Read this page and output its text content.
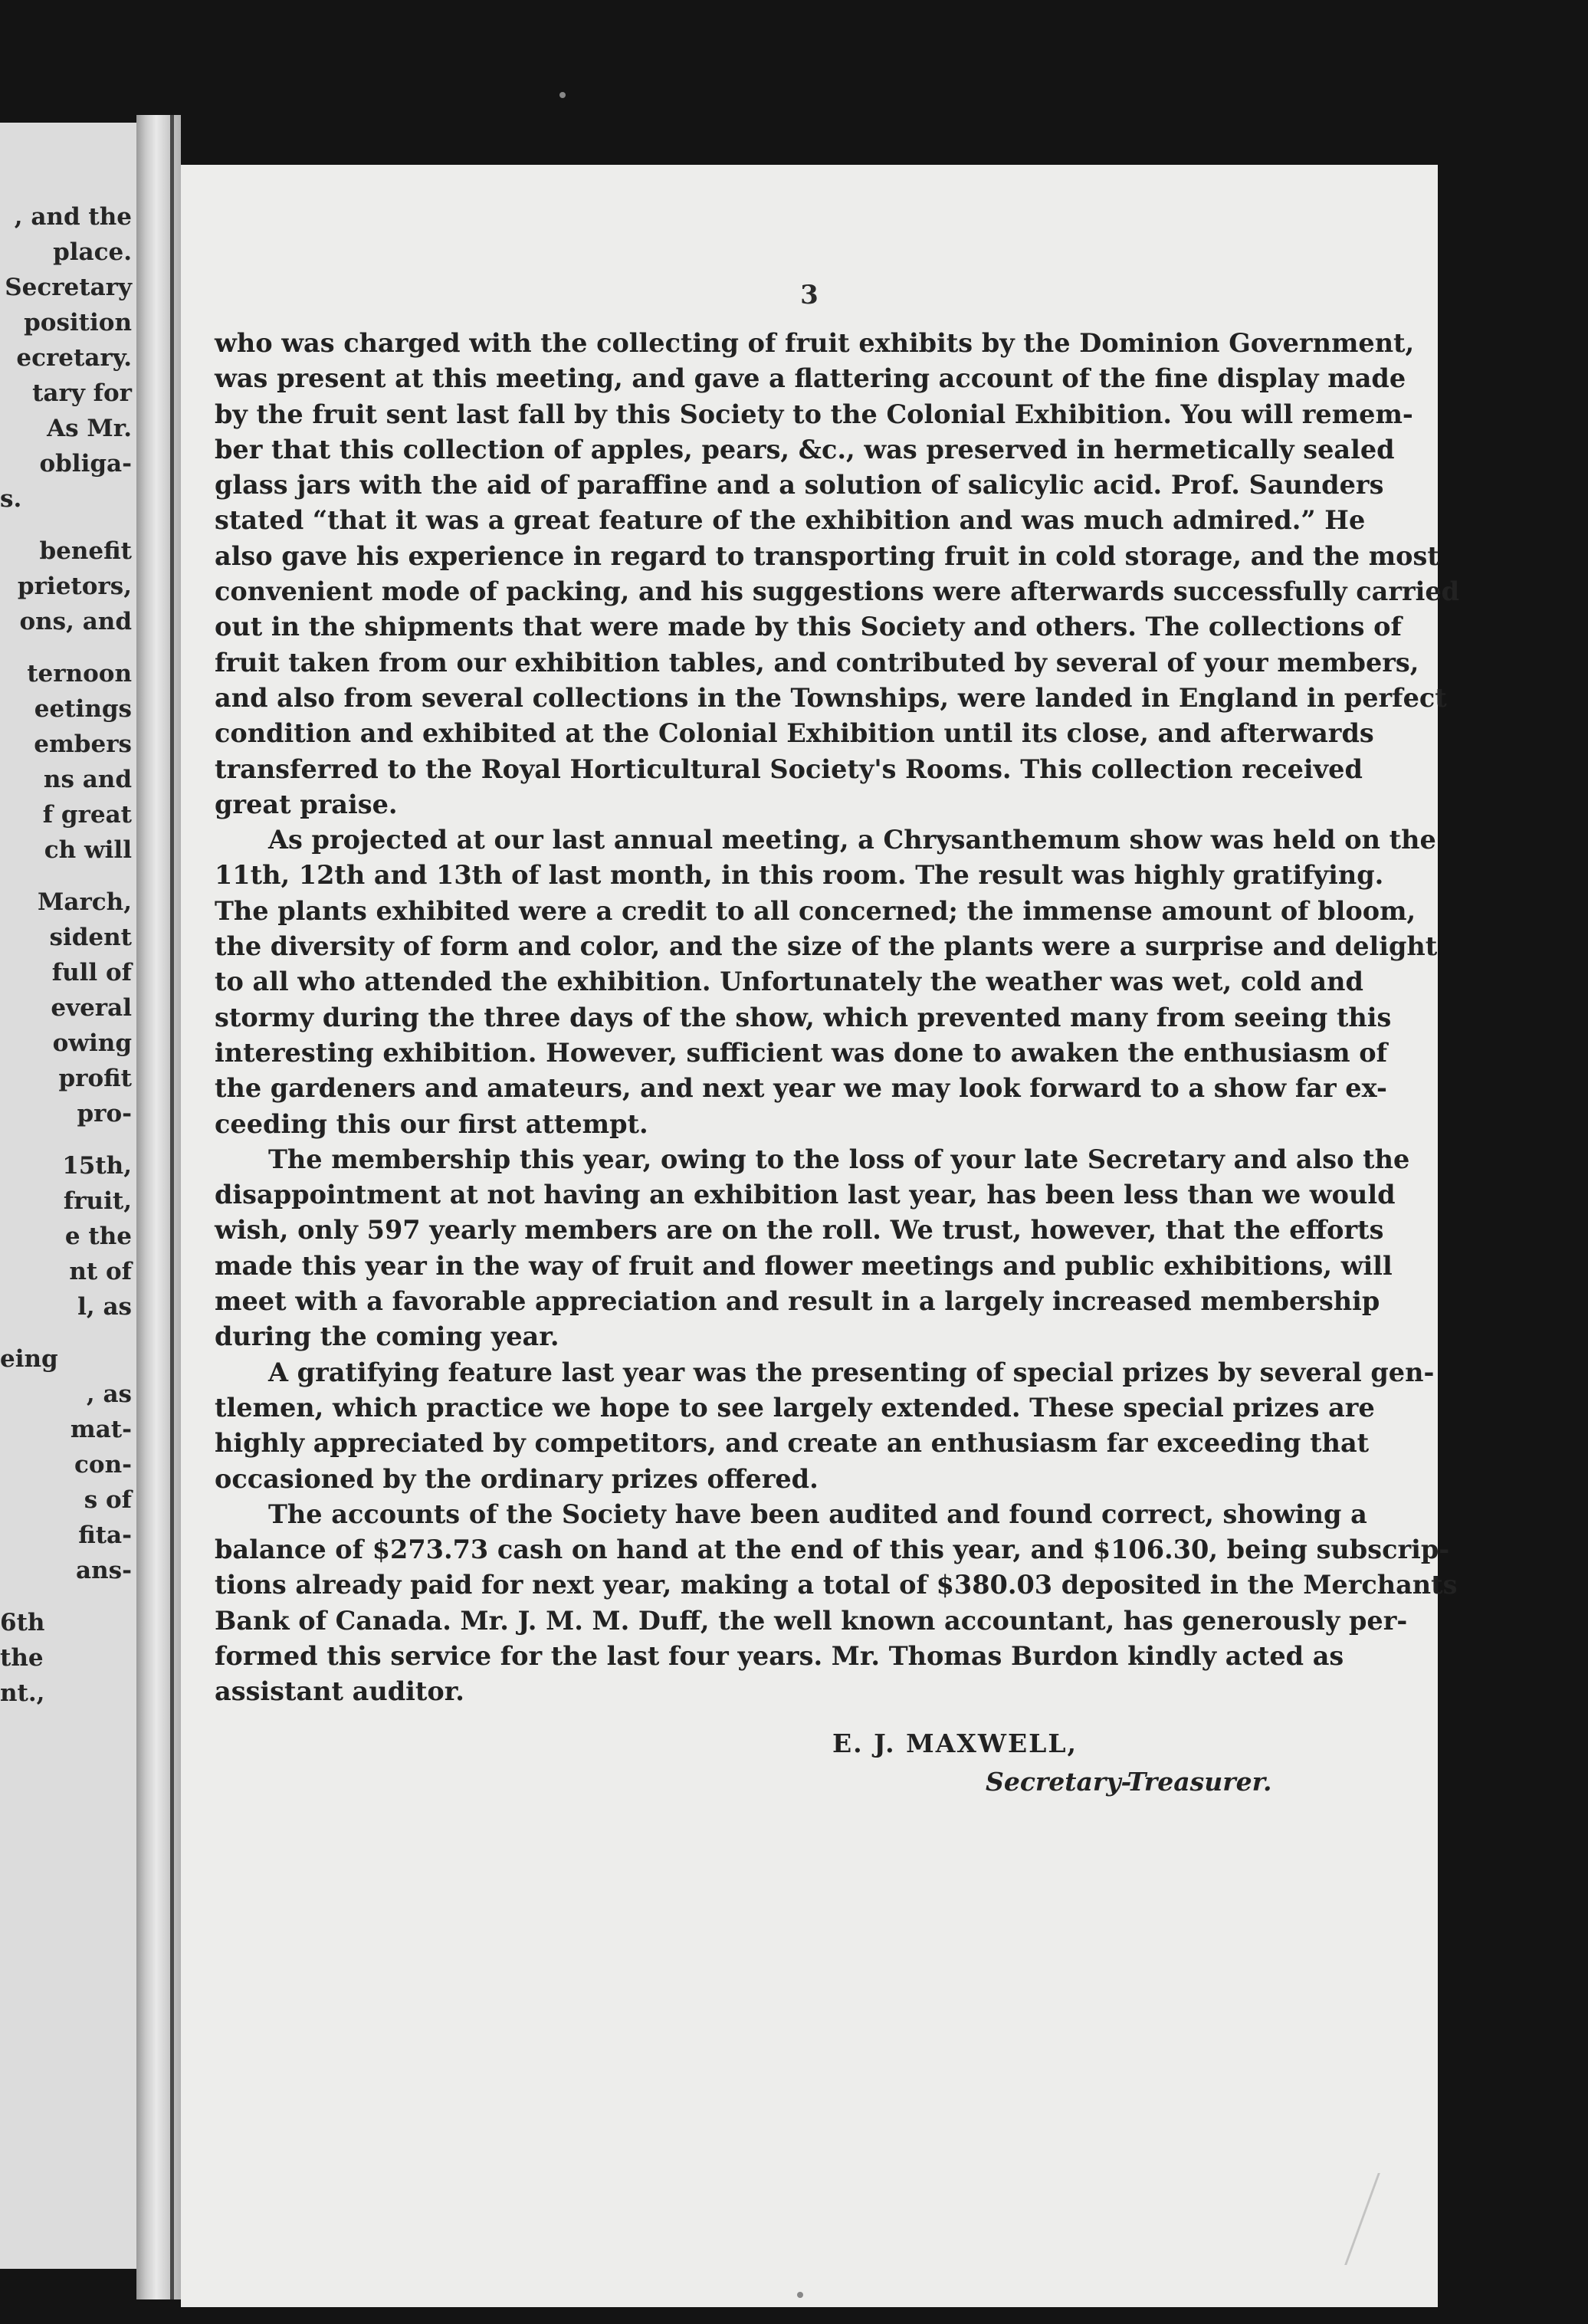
, and the
place.
Secretary
position
ecretary.
tary for
As Mr.
obliga-
s.
benefit
prietors,
ons, and
ternoon
eetings
embers
ns and
f great
ch will
March,
sident
full of
everal
owing
profit
pro-
15th,
fruit,
e the
nt of
l, as
eing
, as
mat-
con-
s of
fita-
ans-
6th
the
nt.,
3
who was charged with the collecting of fruit exhibits by the Dominion Government,
was present at this meeting, and gave a flattering account of the fine display made
by the fruit sent last fall by this Society to the Colonial Exhibition. You will remem-
ber that this collection of apples, pears, &c., was preserved in hermetically sealed
glass jars with the aid of paraffine and a solution of salicylic acid. Prof. Saunders
stated “that it was a great feature of the exhibition and was much admired.” He
also gave his experience in regard to transporting fruit in cold storage, and the most
convenient mode of packing, and his suggestions were afterwards successfully carried
out in the shipments that were made by this Society and others. The collections of
fruit taken from our exhibition tables, and contributed by several of your members,
and also from several collections in the Townships, were landed in England in perfect
condition and exhibited at the Colonial Exhibition until its close, and afterwards
transferred to the Royal Horticultural Society's Rooms. This collection received
great praise.
As projected at our last annual meeting, a Chrysanthemum show was held on the
11th, 12th and 13th of last month, in this room. The result was highly gratifying.
The plants exhibited were a credit to all concerned; the immense amount of bloom,
the diversity of form and color, and the size of the plants were a surprise and delight
to all who attended the exhibition. Unfortunately the weather was wet, cold and
stormy during the three days of the show, which prevented many from seeing this
interesting exhibition. However, sufficient was done to awaken the enthusiasm of
the gardeners and amateurs, and next year we may look forward to a show far ex-
ceeding this our first attempt.
The membership this year, owing to the loss of your late Secretary and also the
disappointment at not having an exhibition last year, has been less than we would
wish, only 597 yearly members are on the roll. We trust, however, that the efforts
made this year in the way of fruit and flower meetings and public exhibitions, will
meet with a favorable appreciation and result in a largely increased membership
during the coming year.
A gratifying feature last year was the presenting of special prizes by several gen-
tlemen, which practice we hope to see largely extended. These special prizes are
highly appreciated by competitors, and create an enthusiasm far exceeding that
occasioned by the ordinary prizes offered.
The accounts of the Society have been audited and found correct, showing a
balance of $273.73 cash on hand at the end of this year, and $106.30, being subscrip-
tions already paid for next year, making a total of $380.03 deposited in the Merchants
Bank of Canada. Mr. J. M. M. Duff, the well known accountant, has generously per-
formed this service for the last four years. Mr. Thomas Burdon kindly acted as
assistant auditor.
E. J. MAXWELL,
Secretary-Treasurer.
